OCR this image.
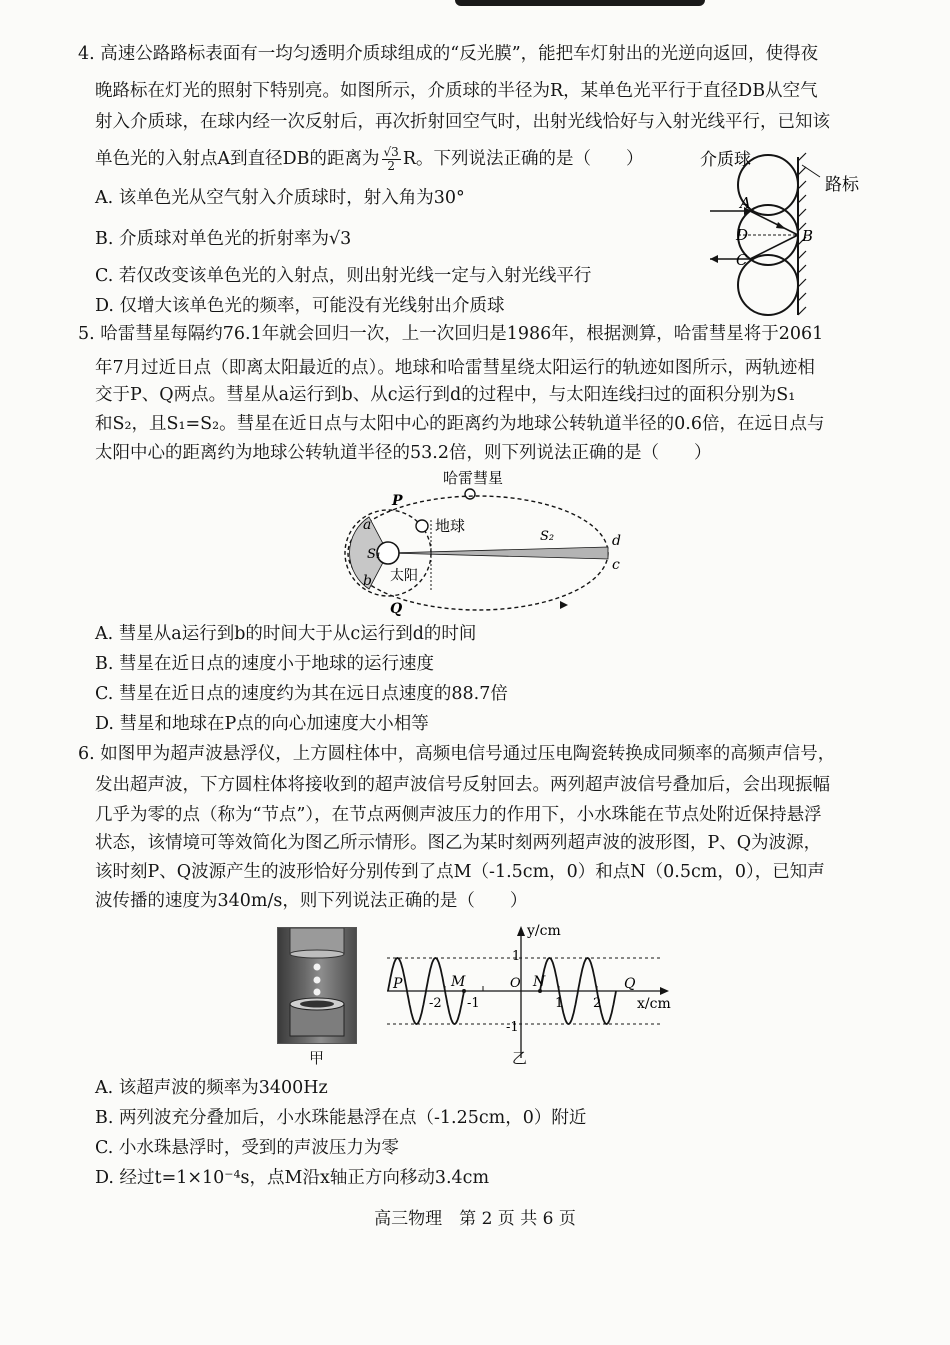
4. 高速公路路标表面有一均匀透明介质球组成的“反光膜”，能把车灯射出的光逆向返回，使得夜
晚路标在灯光的照射下特别亮。如图所示，介质球的半径为R，某单色光平行于直径DB从空气
射入介质球，在球内经一次反射后，再次折射回空气时，出射光线恰好与入射光线平行，已知该
单色光的入射点A到直径DB的距离为 $\frac{√3}{2}$ R。下列说法正确的是（　　）
A. 该单色光从空气射入介质球时，射入角为30°
B. 介质球对单色光的折射率为√3
C. 若仅改变该单色光的入射点，则出射光线一定与入射光线平行
D. 仅增大该单色光的频率，可能没有光线射出介质球
介质球
路标
A
D	B
C
5. 哈雷彗星每隔约76.1年就会回归一次，上一次回归是1986年，根据测算，哈雷彗星将于2061
年7月过近日点（即离太阳最近的点）。地球和哈雷彗星绕太阳运行的轨迹如图所示，两轨迹相
交于P、Q两点。彗星从a运行到b、从c运行到d的过程中，与太阳连线扫过的面积分别为S₁
和S₂，且S₁=S₂。彗星在近日点与太阳中心的距离约为地球公转轨道半径的0.6倍，在远日点与
太阳中心的距离约为地球公转轨道半径的53.2倍，则下列说法正确的是（　　）
哈雷彗星
地球
太阳
P
Q
a
b
d
c
S₁
S₂
A. 彗星从a运行到b的时间大于从c运行到d的时间
B. 彗星在近日点的速度小于地球的运行速度
C. 彗星在近日点的速度约为其在远日点速度的88.7倍
D. 彗星和地球在P点的向心加速度大小相等
6. 如图甲为超声波悬浮仪，上方圆柱体中，高频电信号通过压电陶瓷转换成同频率的高频声信号，
发出超声波，下方圆柱体将接收到的超声波信号反射回去。两列超声波信号叠加后，会出现振幅
几乎为零的点（称为“节点”），在节点两侧声波压力的作用下，小水珠能在节点处附近保持悬浮
状态，该情境可等效简化为图乙所示情形。图乙为某时刻两列超声波的波形图，P、Q为波源，
该时刻P、Q波源产生的波形恰好分别传到了点M（-1.5cm，0）和点N（0.5cm，0），已知声
波传播的速度为340m/s，则下列说法正确的是（　　）
甲
y/cm
x/cm
1
-1
O
-2 -1	1 2
P	Q
M	N
乙
A. 该超声波的频率为3400Hz
B. 两列波充分叠加后，小水珠能悬浮在点（-1.25cm，0）附近
C. 小水珠悬浮时，受到的声波压力为零
D. 经过t=1×10⁻⁴s，点M沿x轴正方向移动3.4cm
高三物理　第 2 页 共 6 页
